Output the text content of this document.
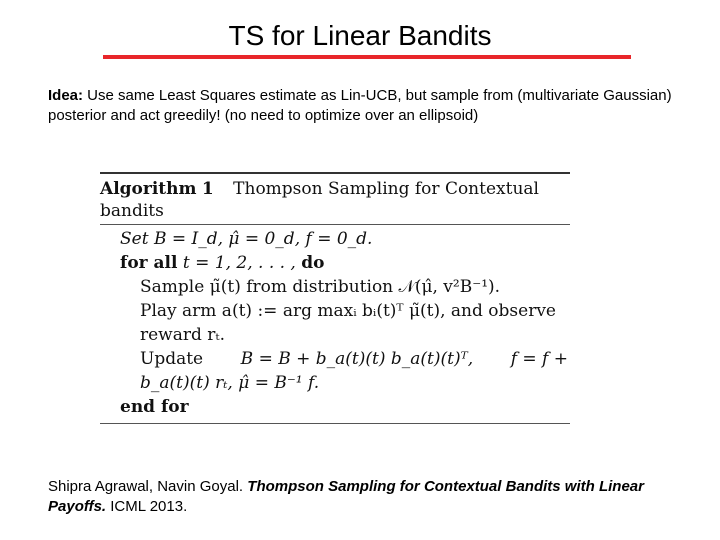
TS for Linear Bandits
Idea: Use same Least Squares estimate as Lin-UCB, but sample from (multivariate Gaussian) posterior and act greedily! (no need to optimize over an ellipsoid)
Algorithm 1 Thompson Sampling for Contextual
bandits
Set B = I_d, μ̂ = 0_d, f = 0_d.
for all t = 1, 2, . . . , do
Sample μ̃(t) from distribution 𝒩(μ̂, v²B⁻¹).
Play arm a(t) := arg maxᵢ bᵢ(t)ᵀ μ̃(t), and observe
reward rₜ.
Update B = B + b_a(t)(t) b_a(t)(t)ᵀ, f = f +
b_a(t)(t) rₜ, μ̂ = B⁻¹ f.
end for
Shipra Agrawal, Navin Goyal. Thompson Sampling for Contextual Bandits with Linear Payoffs. ICML 2013.
